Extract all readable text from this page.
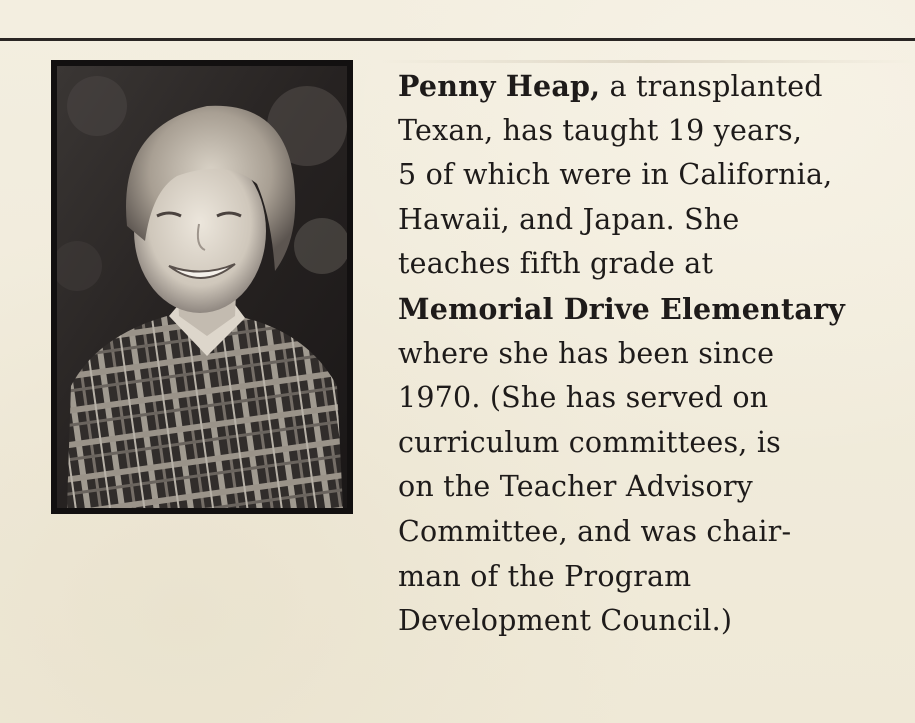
Penny Heap, a transplanted
Texan, has taught 19 years,
5 of which were in California,
Hawaii, and Japan. She
teaches fifth grade at
Memorial Drive Elementary
where she has been since
1970. (She has served on
curriculum committees, is
on the Teacher Advisory
Committee, and was chair-
man of the Program
Development Council.)
